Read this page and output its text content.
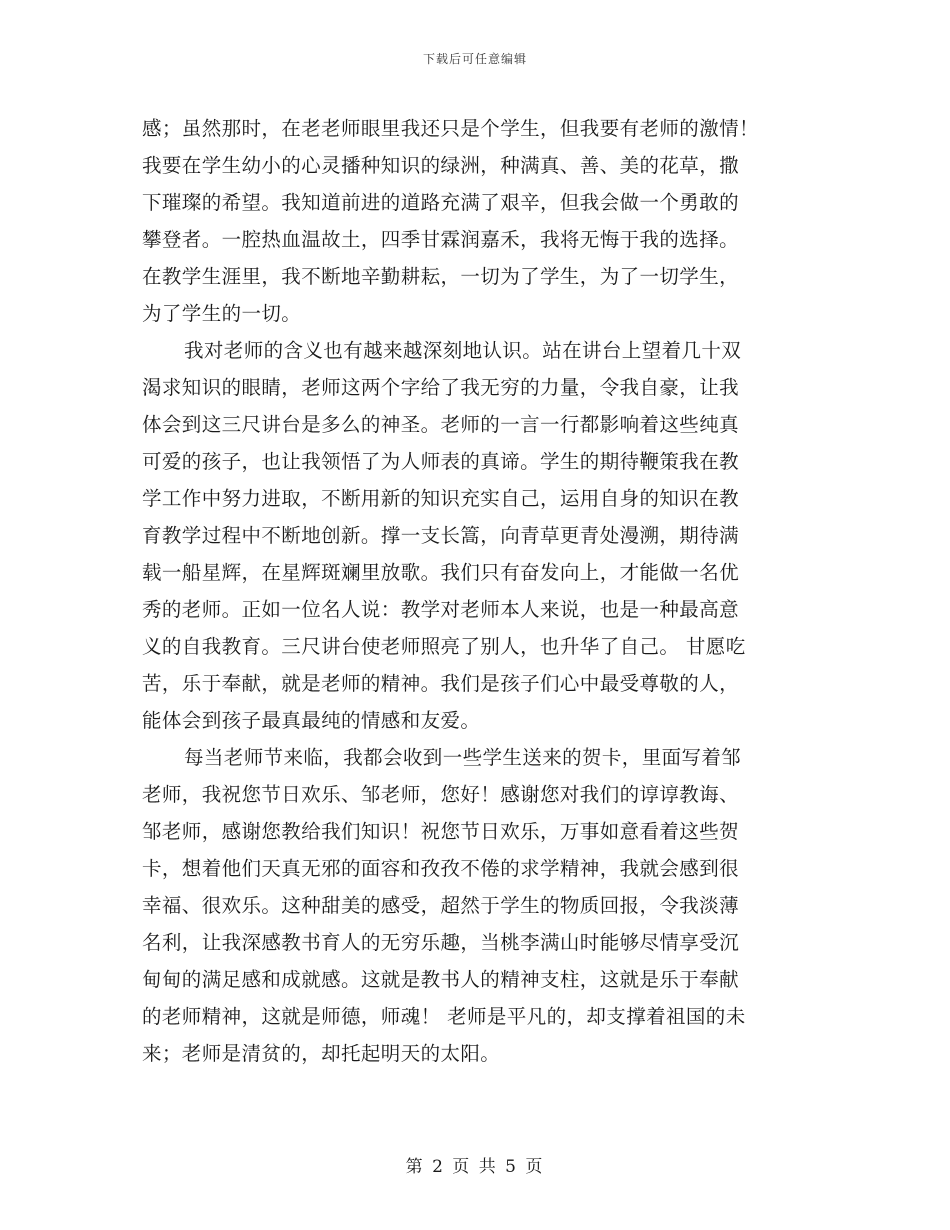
下载后可任意编辑
感；虽然那时，在老老师眼里我还只是个学生，但我要有老师的激情！
我要在学生幼小的心灵播种知识的绿洲，种满真、善、美的花草，撒
下璀璨的希望。我知道前进的道路充满了艰辛，但我会做一个勇敢的
攀登者。一腔热血温故土，四季甘霖润嘉禾，我将无悔于我的选择。
在教学生涯里，我不断地辛勤耕耘，一切为了学生，为了一切学生，
为了学生的一切。
我对老师的含义也有越来越深刻地认识。站在讲台上望着几十双
渴求知识的眼睛，老师这两个字给了我无穷的力量，令我自豪，让我
体会到这三尺讲台是多么的神圣。老师的一言一行都影响着这些纯真
可爱的孩子，也让我领悟了为人师表的真谛。学生的期待鞭策我在教
学工作中努力进取，不断用新的知识充实自己，运用自身的知识在教
育教学过程中不断地创新。撑一支长篙，向青草更青处漫溯，期待满
载一船星辉，在星辉斑斓里放歌。我们只有奋发向上，才能做一名优
秀的老师。正如一位名人说：教学对老师本人来说，也是一种最高意
义的自我教育。三尺讲台使老师照亮了别人，也升华了自己。 甘愿吃
苦，乐于奉献，就是老师的精神。我们是孩子们心中最受尊敬的人，
能体会到孩子最真最纯的情感和友爱。
每当老师节来临，我都会收到一些学生送来的贺卡，里面写着邹
老师，我祝您节日欢乐、邹老师，您好！感谢您对我们的谆谆教诲、
邹老师，感谢您教给我们知识！祝您节日欢乐，万事如意看着这些贺
卡，想着他们天真无邪的面容和孜孜不倦的求学精神，我就会感到很
幸福、很欢乐。这种甜美的感受，超然于学生的物质回报，令我淡薄
名利，让我深感教书育人的无穷乐趣，当桃李满山时能够尽情享受沉
甸甸的满足感和成就感。这就是教书人的精神支柱，这就是乐于奉献
的老师精神，这就是师德，师魂！ 老师是平凡的，却支撑着祖国的未
来；老师是清贫的，却托起明天的太阳。
第 2 页 共 5 页
